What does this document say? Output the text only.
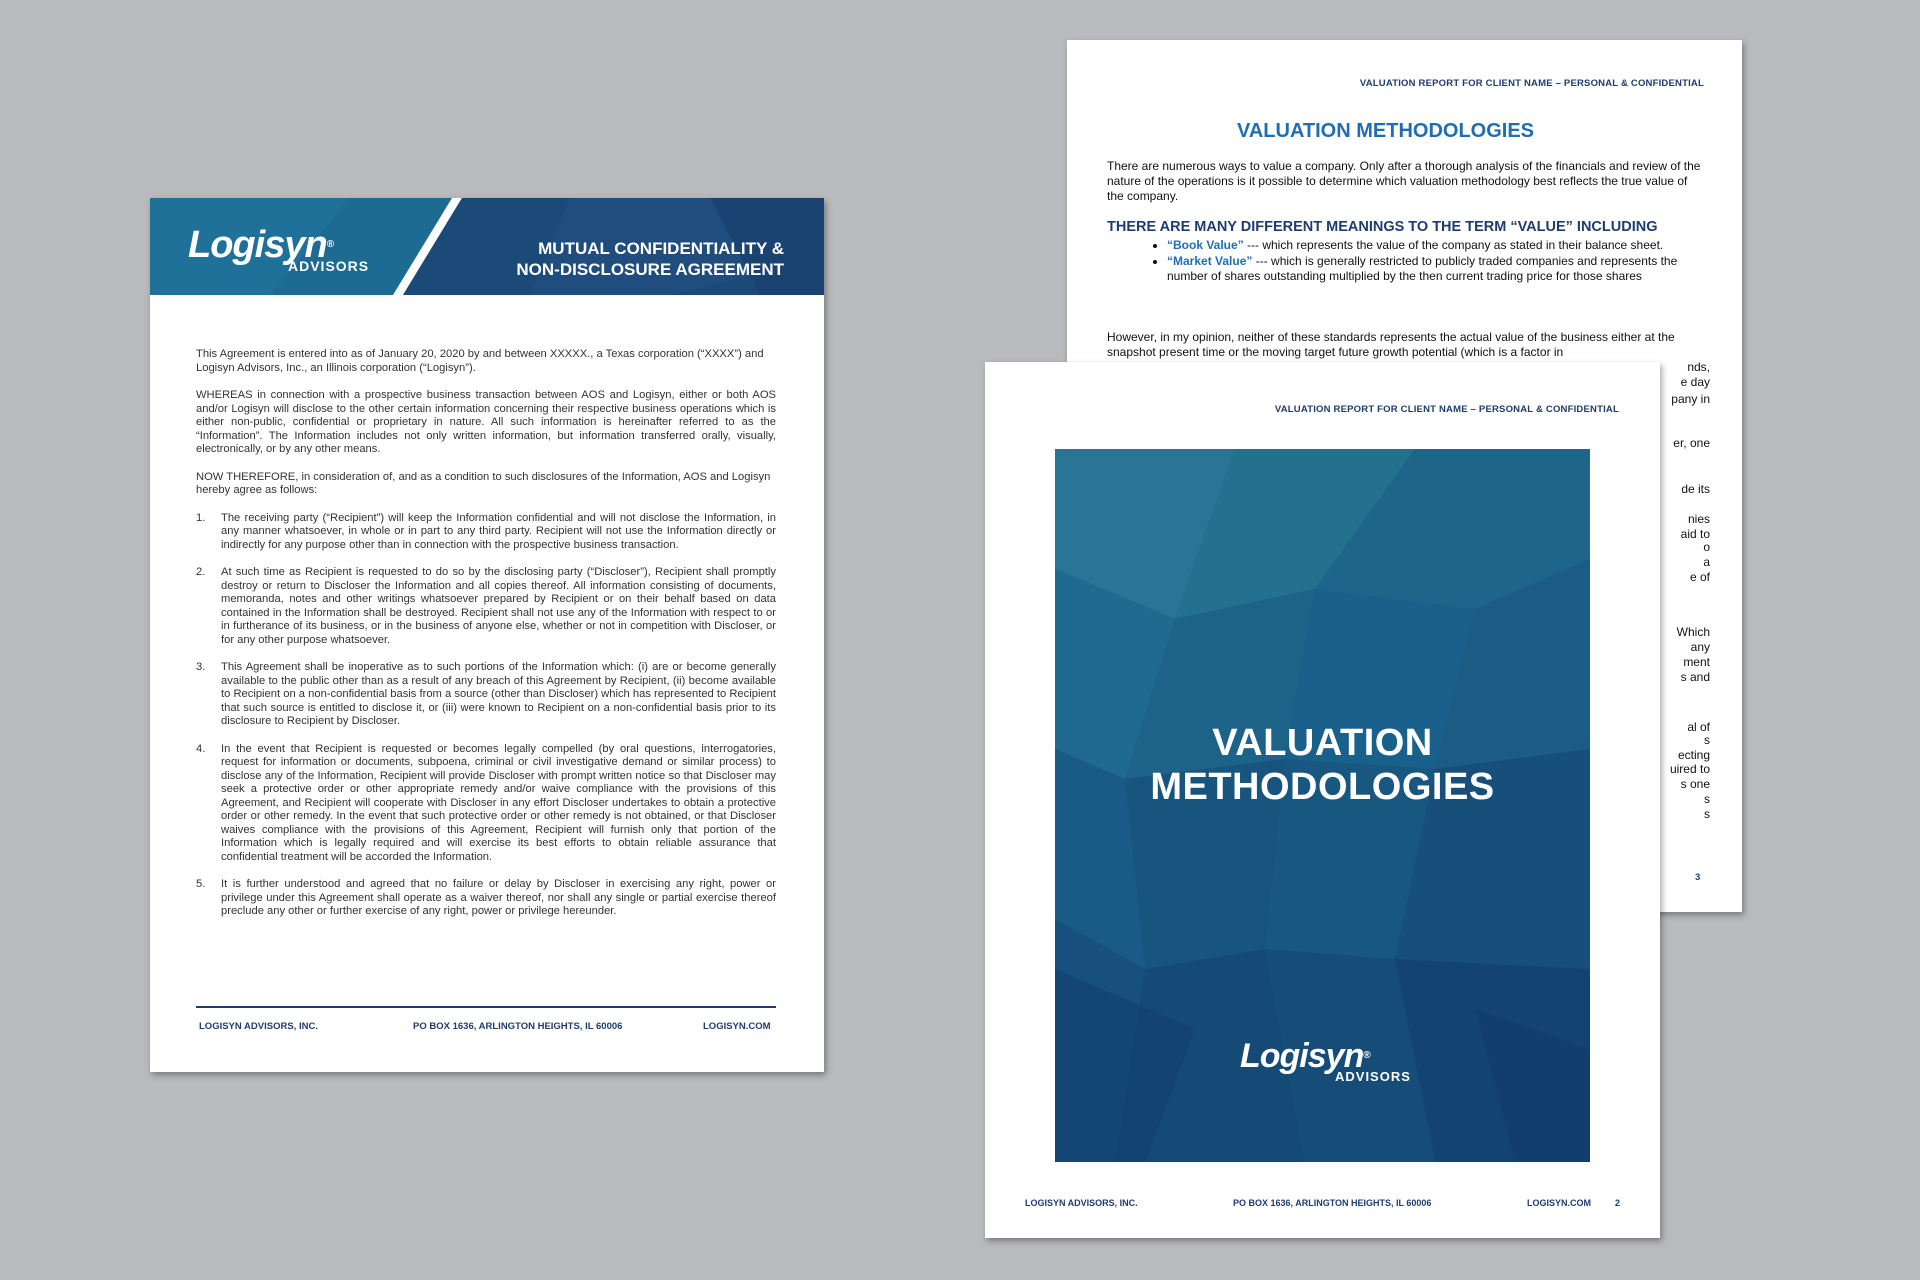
VALUATION REPORT FOR CLIENT NAME – PERSONAL & CONFIDENTIAL
VALUATION METHODOLOGIES
There are numerous ways to value a company. Only after a thorough analysis of the financials and review of the nature of the operations is it possible to determine which valuation methodology best reflects the true value of the company.
THERE ARE MANY DIFFERENT MEANINGS TO THE TERM “VALUE” INCLUDING
• “Book Value” --- which represents the value of the company as stated in their balance sheet.
• “Market Value” --- which is generally restricted to publicly traded companies and represents the number of shares outstanding multiplied by the then current trading price for those shares
However, in my opinion, neither of these standards represents the actual value of the business either at the snapshot present time or the moving target future growth potential (which is a factor in
nds,
e day
pany in
er, one
de its
nies
aid to
o
a
e of
Which
any
ment
s and
al of
s
ecting
uired to
s one
s
s
3
Logisyn®
ADVISORS
MUTUAL CONFIDENTIALITY &
NON-DISCLOSURE AGREEMENT

This Agreement is entered into as of January 20, 2020 by and between XXXXX., a Texas corporation (“XXXX”) and Logisyn Advisors, Inc., an Illinois corporation (“Logisyn”).

WHEREAS in connection with a prospective business transaction between AOS and Logisyn, either or both AOS and/or Logisyn will disclose to the other certain information concerning their respective business operations which is either non-public, confidential or proprietary in nature. All such information is hereinafter referred to as the “Information”. The Information includes not only written information, but information transferred orally, visually, electronically, or by any other means.

NOW THEREFORE, in consideration of, and as a condition to such disclosures of the Information, AOS and Logisyn hereby agree as follows:

1. The receiving party (“Recipient”) will keep the Information confidential and will not disclose the Information, in any manner whatsoever, in whole or in part to any third party. Recipient will not use the Information directly or indirectly for any purpose other than in connection with the prospective business transaction.
2. At such time as Recipient is requested to do so by the disclosing party (“Discloser”), Recipient shall promptly destroy or return to Discloser the Information and all copies thereof. All information consisting of documents, memoranda, notes and other writings whatsoever prepared by Recipient or on their behalf based on data contained in the Information shall be destroyed. Recipient shall not use any of the Information with respect to or in furtherance of its business, or in the business of anyone else, whether or not in competition with Discloser, or for any other purpose whatsoever.
3. This Agreement shall be inoperative as to such portions of the Information which: (i) are or become generally available to the public other than as a result of any breach of this Agreement by Recipient, (ii) become available to Recipient on a non-confidential basis from a source (other than Discloser) which has represented to Recipient that such source is entitled to disclose it, or (iii) were known to Recipient on a non-confidential basis prior to its disclosure to Recipient by Discloser.
4. In the event that Recipient is requested or becomes legally compelled (by oral questions, interrogatories, request for information or documents, subpoena, criminal or civil investigative demand or similar process) to disclose any of the Information, Recipient will provide Discloser with prompt written notice so that Discloser may seek a protective order or other appropriate remedy and/or waive compliance with the provisions of this Agreement, and Recipient will cooperate with Discloser in any effort Discloser undertakes to obtain a protective order or other remedy. In the event that such protective order or other remedy is not obtained, or that Discloser waives compliance with the provisions of this Agreement, Recipient will furnish only that portion of the Information which is legally required and will exercise its best efforts to obtain reliable assurance that confidential treatment will be accorded the Information.
5. It is further understood and agreed that no failure or delay by Discloser in exercising any right, power or privilege under this Agreement shall operate as a waiver thereof, nor shall any single or partial exercise thereof preclude any other or further exercise of any right, power or privilege hereunder.
LOGISYN ADVISORS, INC.	PO BOX 1636, ARLINGTON HEIGHTS, IL 60006	LOGISYN.COM
VALUATION REPORT FOR CLIENT NAME – PERSONAL & CONFIDENTIAL
VALUATION
METHODOLOGIES
Logisyn®
ADVISORS
LOGISYN ADVISORS, INC.	PO BOX 1636, ARLINGTON HEIGHTS, IL 60006	LOGISYN.COM	2
